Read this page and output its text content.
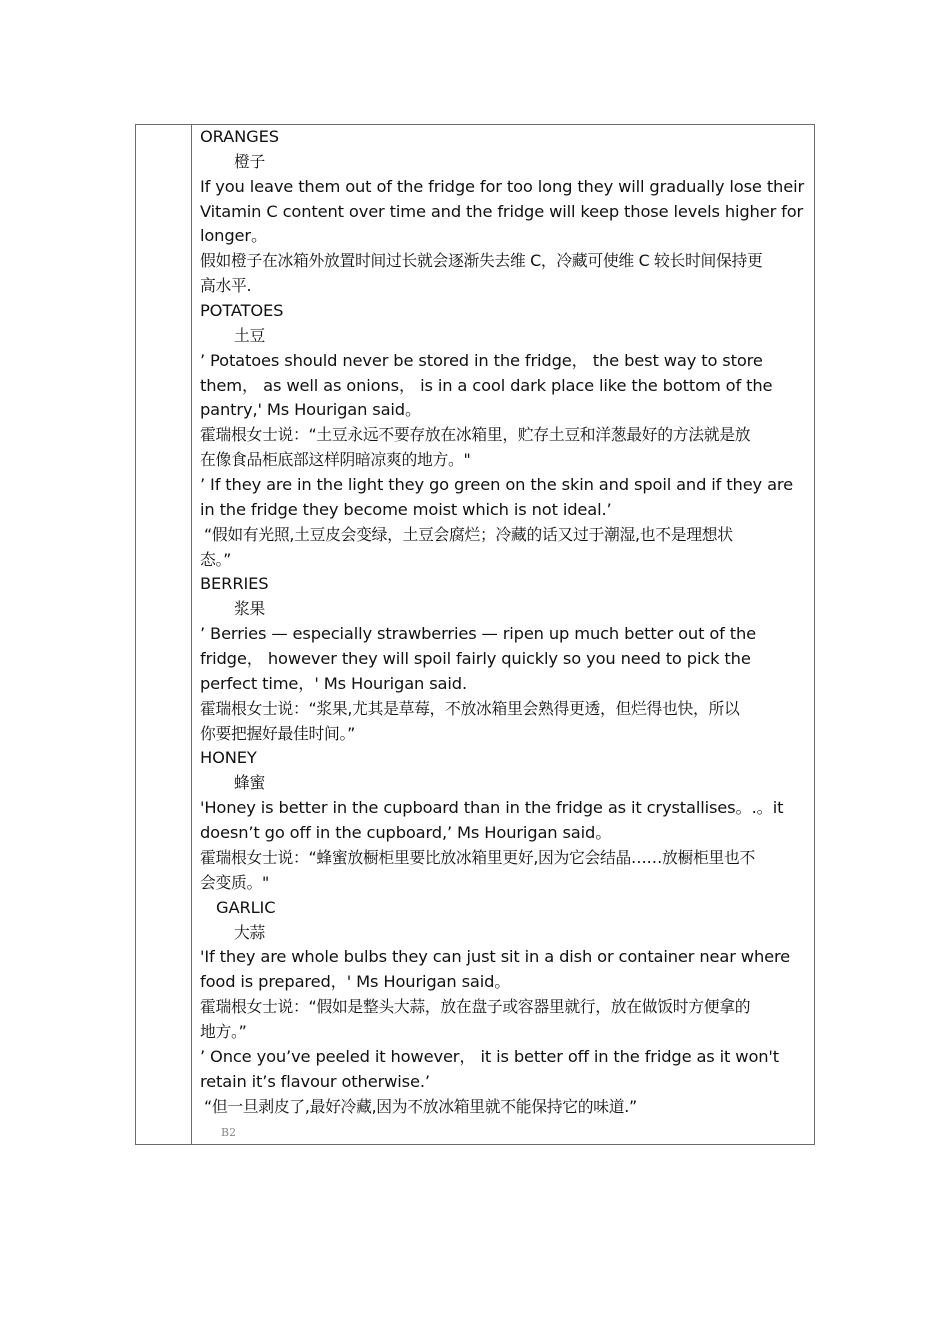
ORANGES
橙子
If you leave them out of the fridge for too long they will gradually lose their
Vitamin C content over time and the fridge will keep those levels higher for
longer。
假如橙子在冰箱外放置时间过长就会逐渐失去维 C，冷藏可使维 C 较长时间保持更
高水平.
POTATOES
土豆
’ Potatoes should never be stored in the fridge， the best way to store
them， as well as onions， is in a cool dark place like the bottom of the
pantry,' Ms Hourigan said。
霍瑞根女士说：“土豆永远不要存放在冰箱里，贮存土豆和洋葱最好的方法就是放
在像食品柜底部这样阴暗凉爽的地方。"
’ If they are in the light they go green on the skin and spoil and if they are
in the fridge they become moist which is not ideal.’
“假如有光照,土豆皮会变绿，土豆会腐烂；冷藏的话又过于潮湿,也不是理想状
态。”
BERRIES
浆果
’ Berries — especially strawberries — ripen up much better out of the
fridge， however they will spoil fairly quickly so you need to pick the
perfect time，' Ms Hourigan said.
霍瑞根女士说：“浆果,尤其是草莓，不放冰箱里会熟得更透，但烂得也快，所以
你要把握好最佳时间。”
HONEY
蜂蜜
'Honey is better in the cupboard than in the fridge as it crystallises。.。it
doesn’t go off in the cupboard,’ Ms Hourigan said。
霍瑞根女士说：“蜂蜜放橱柜里要比放冰箱里更好,因为它会结晶……放橱柜里也不
会变质。"
GARLIC
大蒜
'If they are whole bulbs they can just sit in a dish or container near where
food is prepared，' Ms Hourigan said。
霍瑞根女士说：“假如是整头大蒜，放在盘子或容器里就行，放在做饭时方便拿的
地方。”
’ Once you’ve peeled it however， it is better off in the fridge as it won't
retain it’s flavour otherwise.’
“但一旦剥皮了,最好冷藏,因为不放冰箱里就不能保持它的味道.”
B2
